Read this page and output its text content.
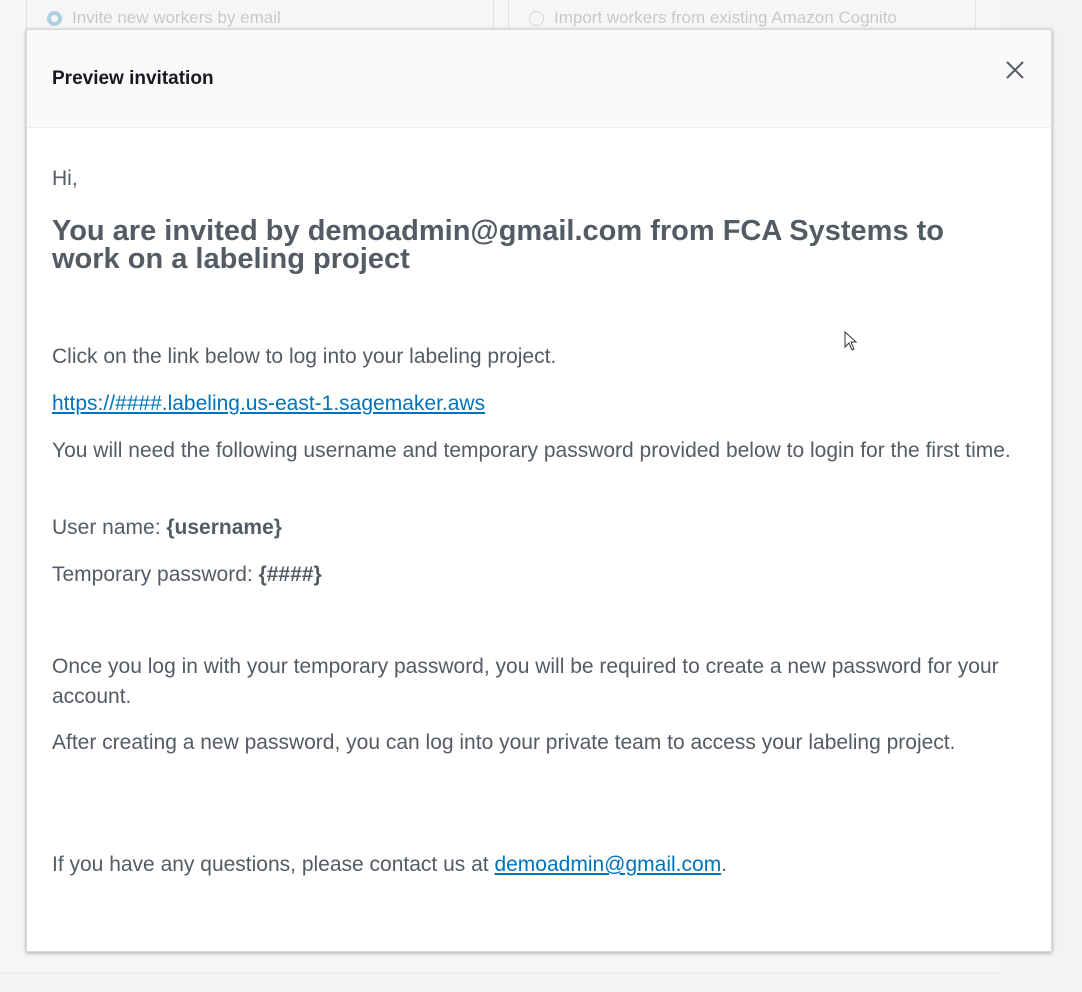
Preview invitation
Hi,
You are invited by demoadmin@gmail.com from FCA Systems to work on a labeling project

Click on the link below to log into your labeling project.

https://####.labeling.us-east-1.sagemaker.aws

You will need the following username and temporary password provided below to login for the first time.

User name: {username}

Temporary password: {####}

Once you log in with your temporary password, you will be required to create a new password for your account.

After creating a new password, you can log into your private team to access your labeling project.

If you have any questions, please contact us at demoadmin@gmail.com.
